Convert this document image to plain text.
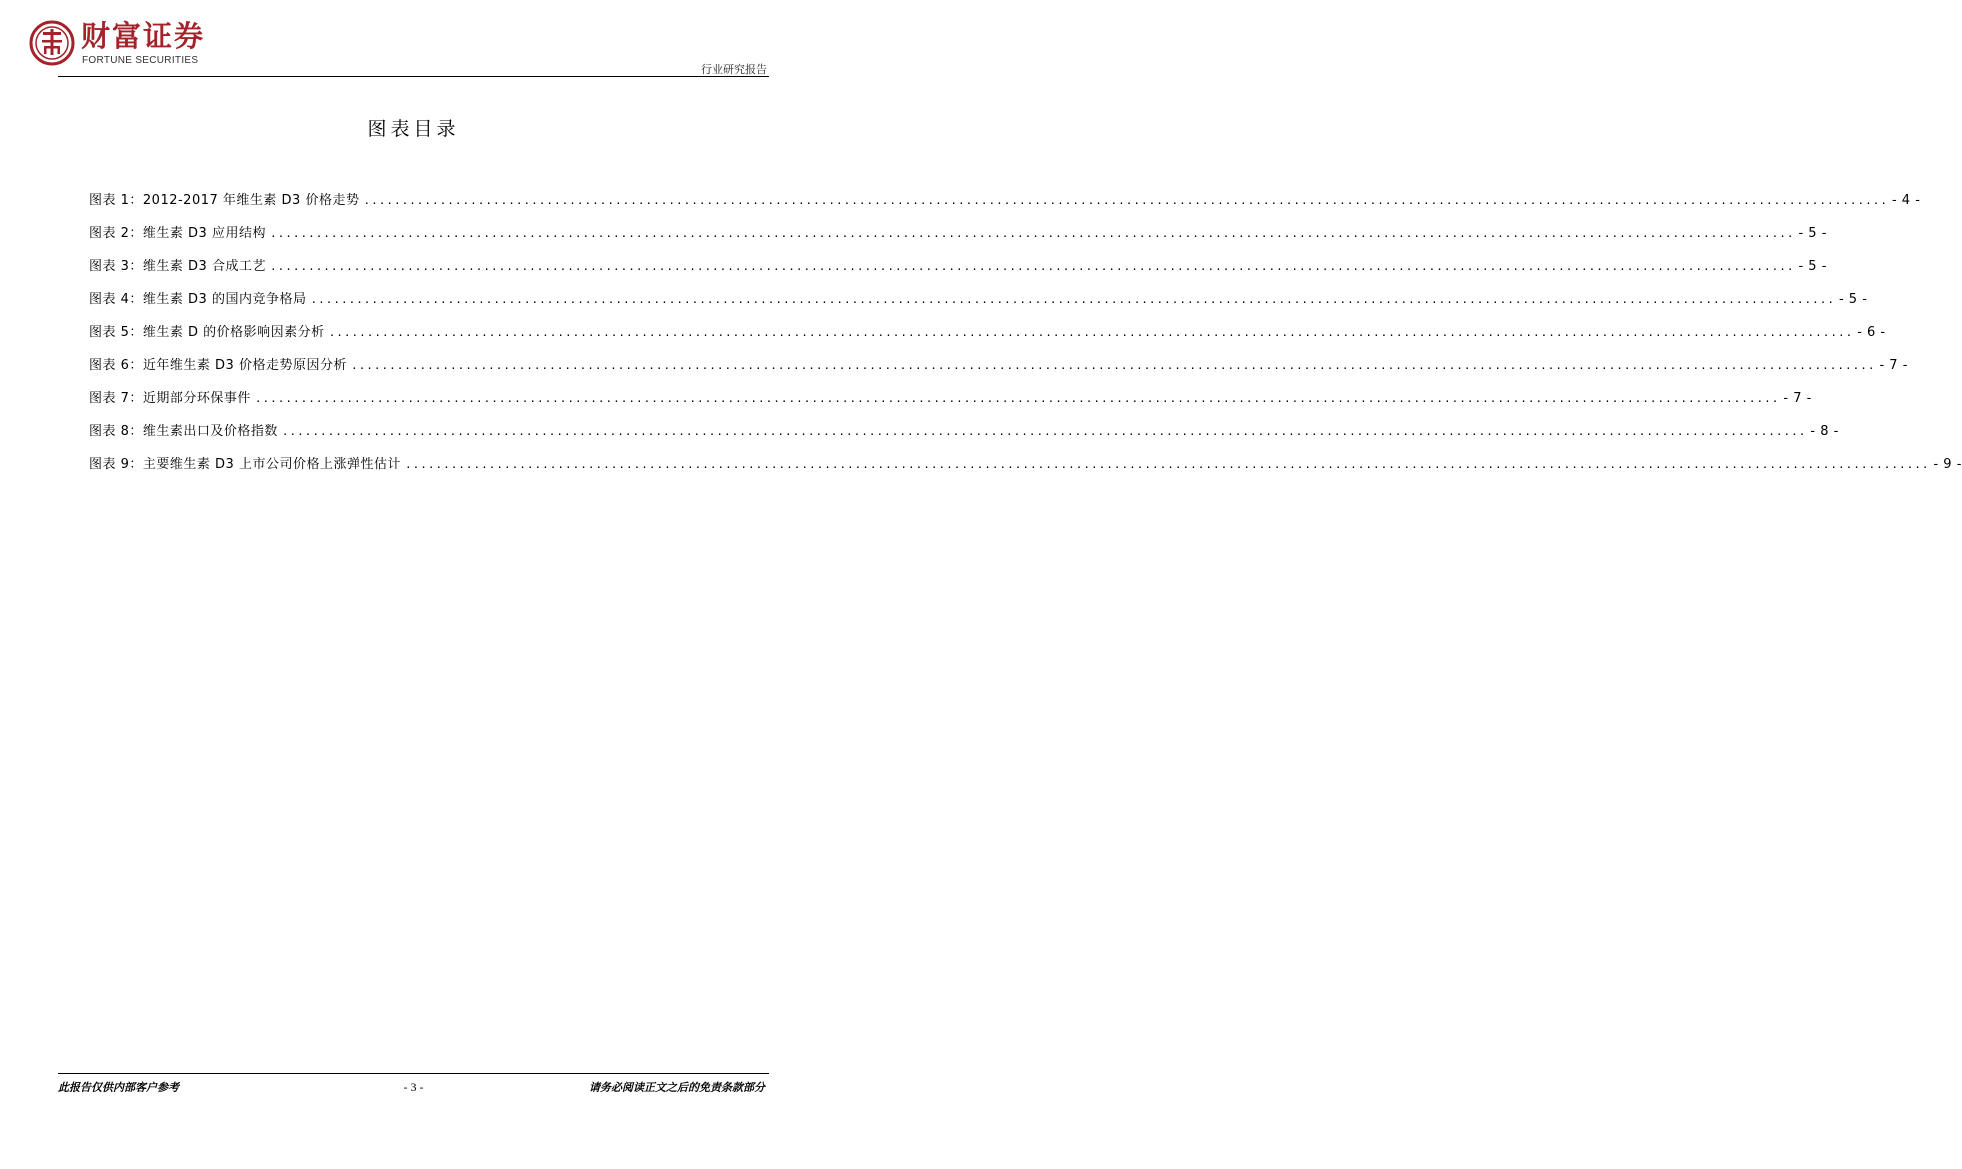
财富证券
FORTUNE SECURITIES
行业研究报告
图表目录
图表 1：2012-2017 年维生素 D3 价格走势 ........................................................................................................................................................................................................ - 4 -
图表 2：维生素 D3 应用结构 ........................................................................................................................................................................................................ - 5 -
图表 3：维生素 D3 合成工艺 ........................................................................................................................................................................................................ - 5 -
图表 4：维生素 D3 的国内竞争格局 ........................................................................................................................................................................................................ - 5 -
图表 5：维生素 D 的价格影响因素分析 ........................................................................................................................................................................................................ - 6 -
图表 6：近年维生素 D3 价格走势原因分析 ........................................................................................................................................................................................................ - 7 -
图表 7：近期部分环保事件 ........................................................................................................................................................................................................ - 7 -
图表 8：维生素出口及价格指数 ........................................................................................................................................................................................................ - 8 -
图表 9：主要维生素 D3 上市公司价格上涨弹性估计 ........................................................................................................................................................................................................ - 9 -
此报告仅供内部客户参考	- 3 -	请务必阅读正文之后的免责条款部分
